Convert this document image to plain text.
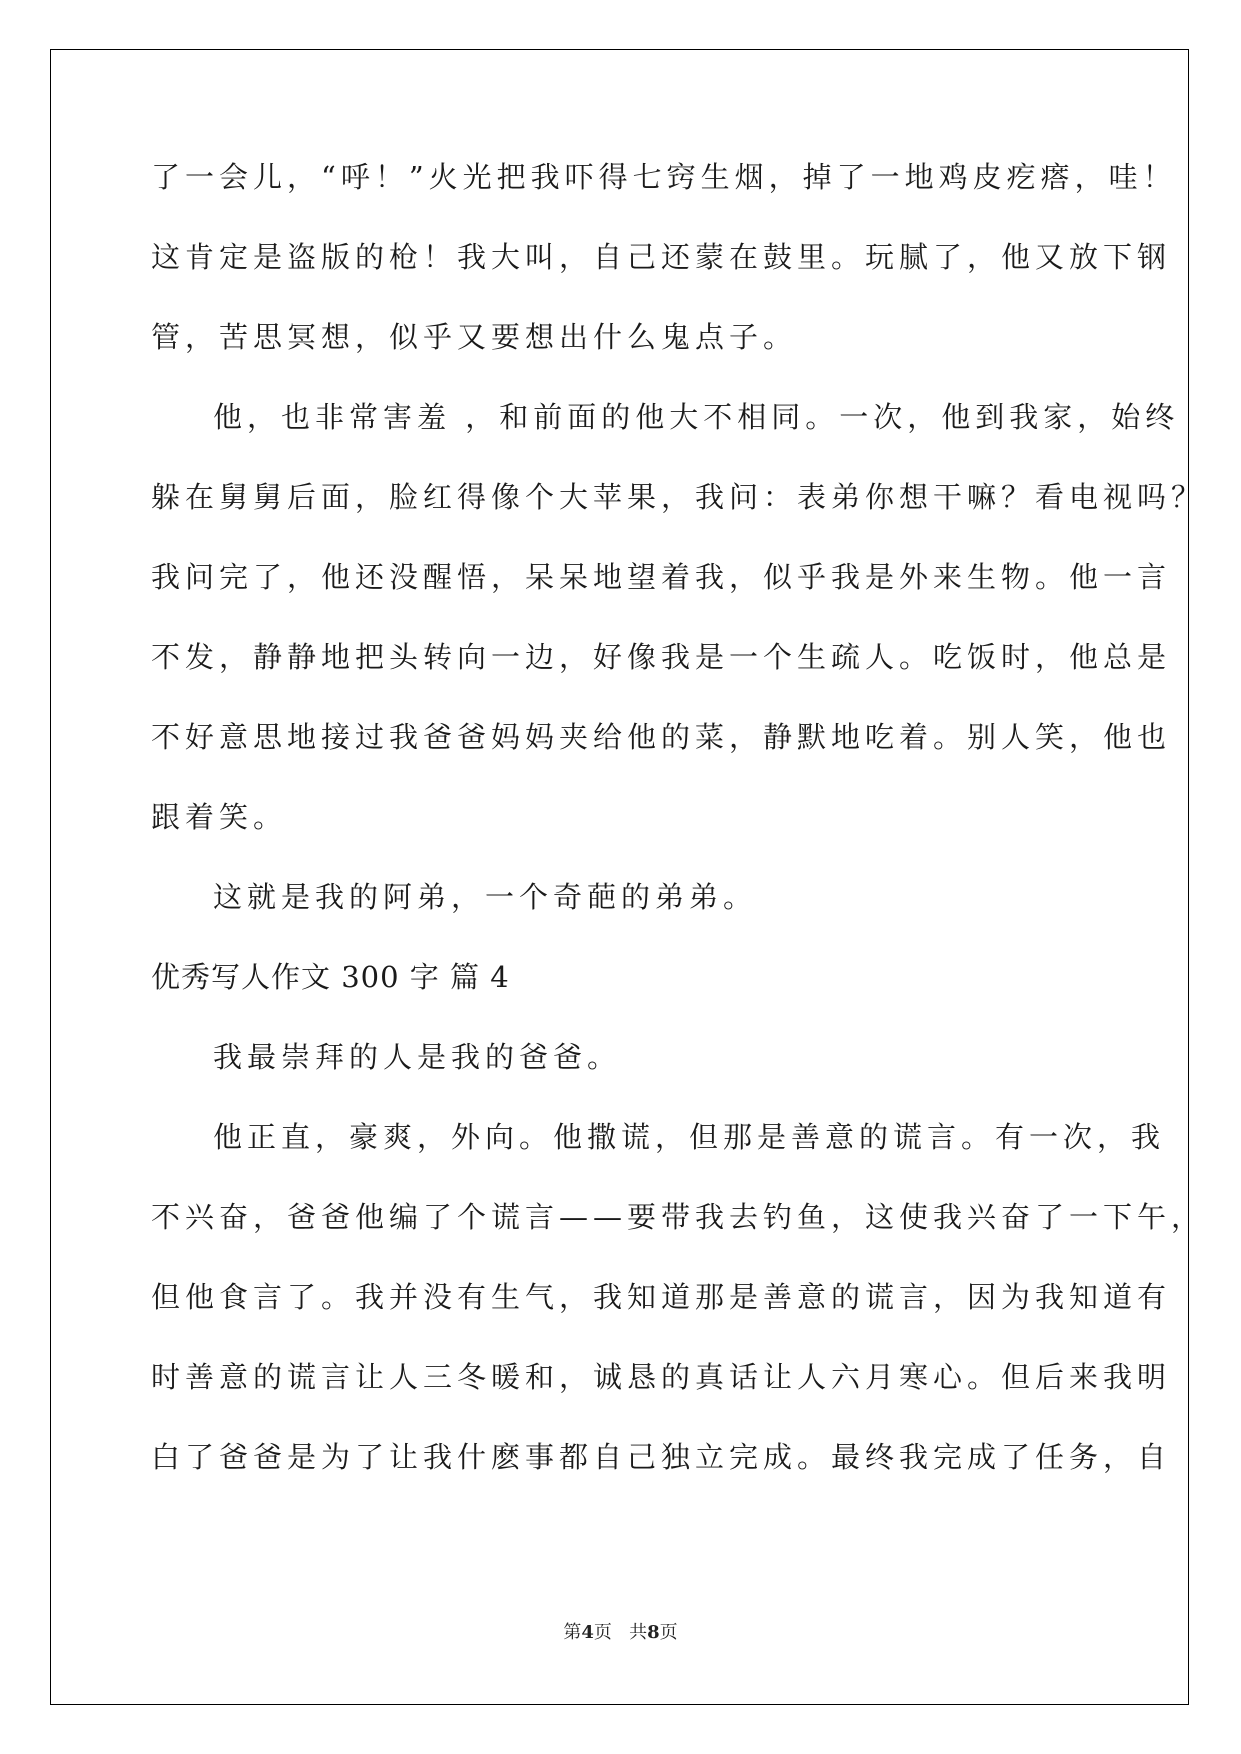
了一会儿，“呼！”火光把我吓得七窍生烟，掉了一地鸡皮疙瘩，哇！
这肯定是盗版的枪！我大叫，自己还蒙在鼓里。玩腻了，他又放下钢
管，苦思冥想，似乎又要想出什么鬼点子。
他，也非常害羞 ，和前面的他大不相同。一次，他到我家，始终
躲在舅舅后面，脸红得像个大苹果，我问：表弟你想干嘛？看电视吗？
我问完了，他还没醒悟，呆呆地望着我，似乎我是外来生物。他一言
不发，静静地把头转向一边，好像我是一个生疏人。吃饭时，他总是
不好意思地接过我爸爸妈妈夹给他的菜，静默地吃着。别人笑，他也
跟着笑。
这就是我的阿弟，一个奇葩的弟弟。
优秀写人作文 300 字 篇 4
我最崇拜的人是我的爸爸。
他正直，豪爽，外向。他撒谎，但那是善意的谎言。有一次，我
不兴奋，爸爸他编了个谎言——要带我去钓鱼，这使我兴奋了一下午，
但他食言了。我并没有生气，我知道那是善意的谎言，因为我知道有
时善意的谎言让人三冬暖和，诚恳的真话让人六月寒心。但后来我明
白了爸爸是为了让我什麽事都自己独立完成。最终我完成了任务，自
第4页 共8页
